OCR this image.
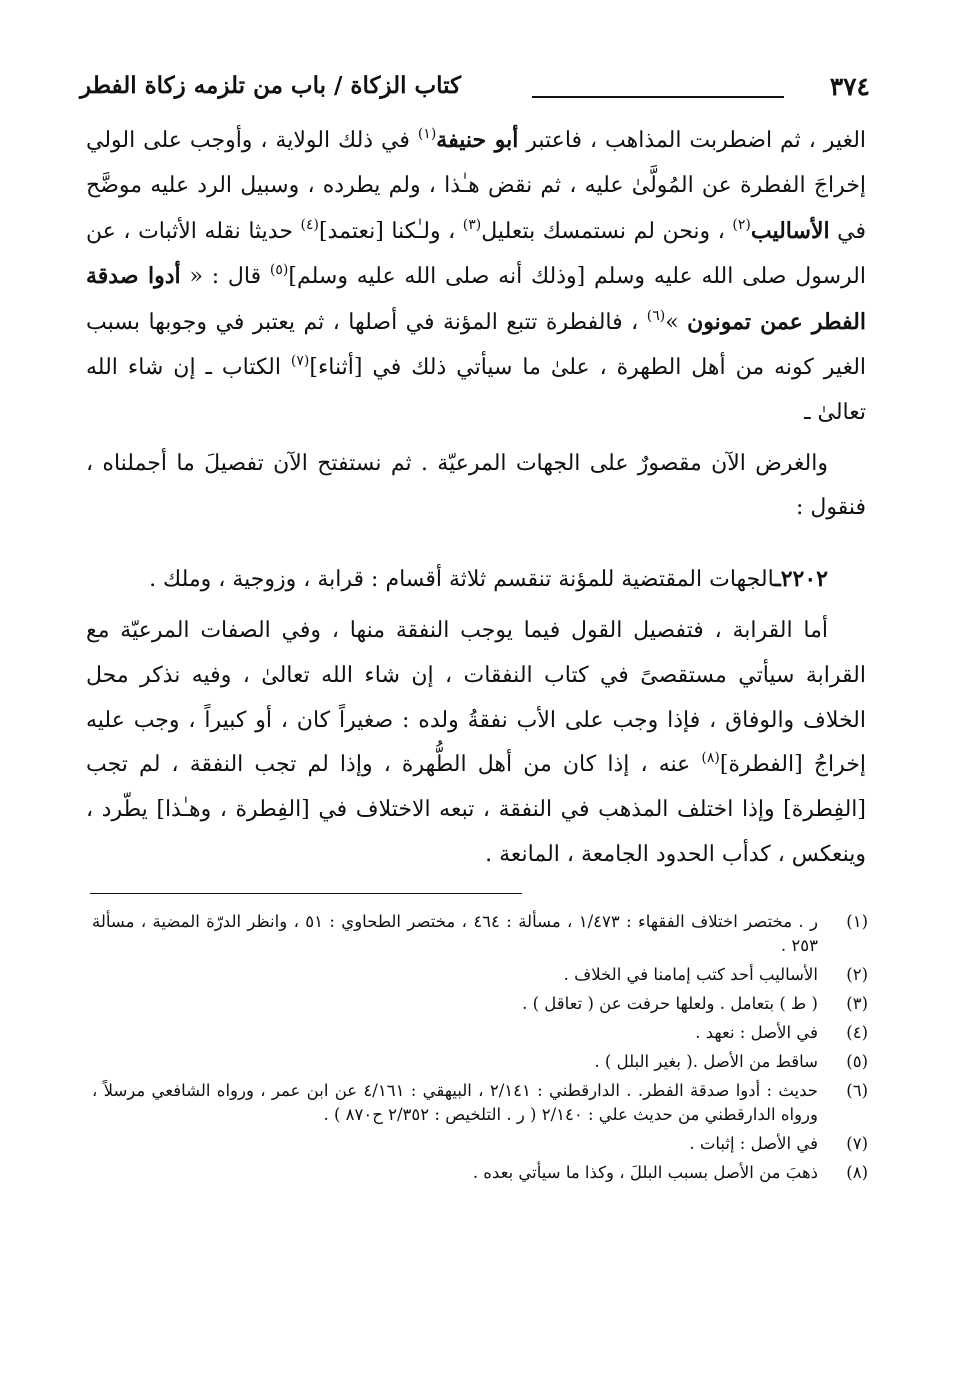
٣٧٤
كتاب الزكاة / باب من تلزمه زكاة الفطر

الغير ، ثم اضطربت المذاهب ، فاعتبر أبو حنيفة$^{(١)}$ في ذلك الولاية ، وأوجب على الولي إخراجَ الفطرة عن المُولَّىٰ عليه ، ثم نقض هـٰذا ، ولم يطرده ، وسبيل الرد عليه موضَّح في الأساليب$^{(٢)}$ ، ونحن لم نستمسك بتعليل$^{(٣)}$ ، ولـٰكنا [نعتمد]$^{(٤)}$ حديثا نقله الأثبات ، عن الرسول صلى الله عليه وسلم [وذلك أنه صلى الله عليه وسلم]$^{(٥)}$ قال : « أدوا صدقة الفطر عمن تمونون »$^{(٦)}$ ، فالفطرة تتبع المؤنة في أصلها ، ثم يعتبر في وجوبها بسبب الغير كونه من أهل الطهرة ، علىٰ ما سيأتي ذلك في [أثناء]$^{(٧)}$ الكتاب ـ إن شاء الله تعالىٰ ـ

والغرض الآن مقصورٌ على الجهات المرعيّة . ثم نستفتح الآن تفصيلَ ما أجملناه ، فنقول :

٢٢٠٢ـالجهات المقتضية للمؤنة تنقسم ثلاثة أقسام : قرابة ، وزوجية ، وملك .

أما القرابة ، فتفصيل القول فيما يوجب النفقة منها ، وفي الصفات المرعيّة مع القرابة سيأتي مستقصىً في كتاب النفقات ، إن شاء الله تعالىٰ ، وفيه نذكر محل الخلاف والوفاق ، فإذا وجب على الأب نفقةُ ولده : صغيراً كان ، أو كبيراً ، وجب عليه إخراجُ [الفطرة]$^{(٨)}$ عنه ، إذا كان من أهل الطُّهرة ، وإذا لم تجب النفقة ، لم تجب [الفِطرة] وإذا اختلف المذهب في النفقة ، تبعه الاختلاف في [الفِطرة ، وهـٰذا] يطّرد ، وينعكس ، كدأب الحدود الجامعة ، المانعة .

(١)
ر . مختصر اختلاف الفقهاء : ١/٤٧٣ ، مسألة : ٤٦٤ ، مختصر الطحاوي : ٥١ ، وانظر الدرّة المضية ، مسألة ٢٥٣ .
(٢)
الأساليب أحد كتب إمامنا في الخلاف .
(٣)
( ط ) بتعامل . ولعلها حرفت عن ( تعاقل ) .
(٤)
في الأصل : نعهد .
(٥)
ساقط من الأصل .( بغير البلل ) .
(٦)
حديث : أدوا صدقة الفطر. . الدارقطني : ٢/١٤١ ، البيهقي : ٤/١٦١ عن ابن عمر ، ورواه الشافعي مرسلاً ، ورواه الدارقطني من حديث علي : ٢/١٤٠ ( ر . التلخيص : ٢/٣٥٢ ح٨٧٠ ) .
(٧)
في الأصل : إثبات .
(٨)
ذهبَ من الأصل بسبب البللَ ، وكذا ما سيأتي بعده .
